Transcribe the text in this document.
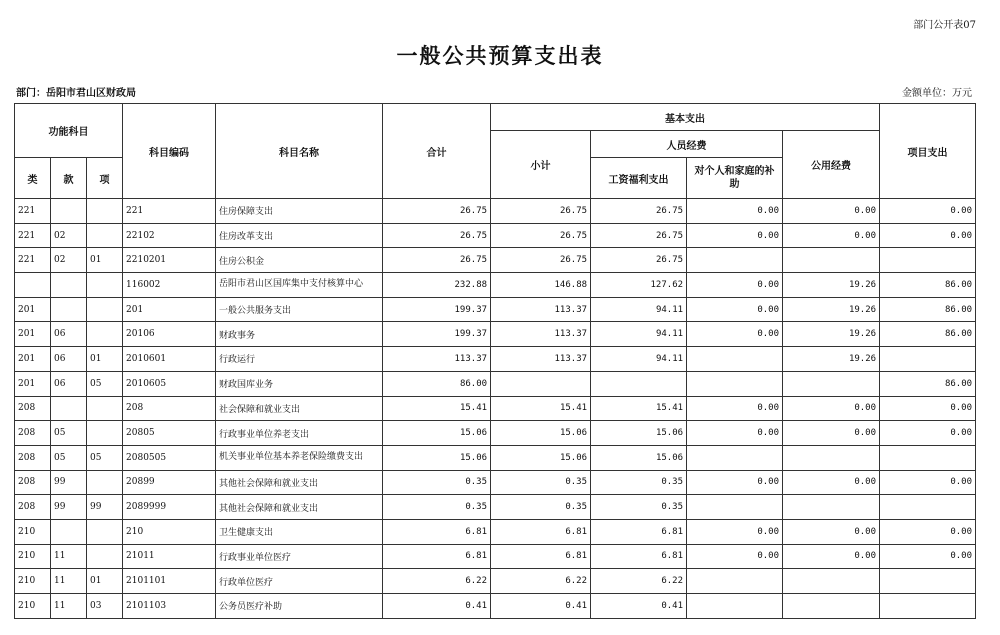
部门公开表07
一般公共预算支出表
部门：岳阳市君山区财政局	金额单位：万元
功能科目			科目编码	科目名称	合计	基本支出				项目支出
						小计	人员经费		公用经费	
类	款	项					工资福利支出	对个人和家庭的补助		
221			221	住房保障支出	26.75	26.75	26.75	0.00	0.00	0.00
221	02		22102	住房改革支出	26.75	26.75	26.75	0.00	0.00	0.00
221	02	01	2210201	住房公积金	26.75	26.75	26.75			
			116002	岳阳市君山区国库集中支付核算中心	232.88	146.88	127.62	0.00	19.26	86.00
201			201	一般公共服务支出	199.37	113.37	94.11	0.00	19.26	86.00
201	06		20106	财政事务	199.37	113.37	94.11	0.00	19.26	86.00
201	06	01	2010601	行政运行	113.37	113.37	94.11		19.26	
201	06	05	2010605	财政国库业务	86.00					86.00
208			208	社会保障和就业支出	15.41	15.41	15.41	0.00	0.00	0.00
208	05		20805	行政事业单位养老支出	15.06	15.06	15.06	0.00	0.00	0.00
208	05	05	2080505	机关事业单位基本养老保险缴费支出	15.06	15.06	15.06			
208	99		20899	其他社会保障和就业支出	0.35	0.35	0.35	0.00	0.00	0.00
208	99	99	2089999	其他社会保障和就业支出	0.35	0.35	0.35			
210			210	卫生健康支出	6.81	6.81	6.81	0.00	0.00	0.00
210	11		21011	行政事业单位医疗	6.81	6.81	6.81	0.00	0.00	0.00
210	11	01	2101101	行政单位医疗	6.22	6.22	6.22			
210	11	03	2101103	公务员医疗补助	0.41	0.41	0.41			
